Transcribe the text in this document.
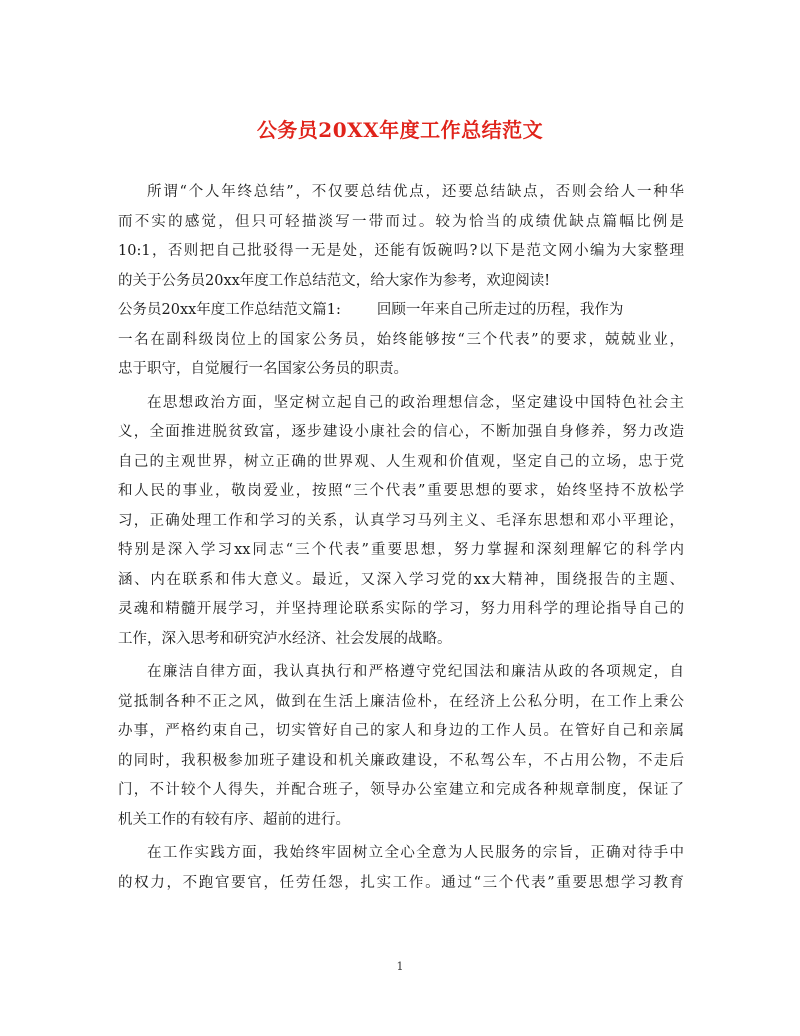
公务员20XX年度工作总结范文
所谓“个人年终总结”，不仅要总结优点，还要总结缺点，否则会给人一种华
而不实的感觉，但只可轻描淡写一带而过。较为恰当的成绩优缺点篇幅比例是
10:1，否则把自己批驳得一无是处，还能有饭碗吗?以下是范文网小编为大家整理
的关于公务员20xx年度工作总结范文，给大家作为参考，欢迎阅读!
公务员20xx年度工作总结范文篇1: 回顾一年来自己所走过的历程，我作为
一名在副科级岗位上的国家公务员，始终能够按“三个代表”的要求，兢兢业业，
忠于职守，自觉履行一名国家公务员的职责。
在思想政治方面，坚定树立起自己的政治理想信念，坚定建设中国特色社会主
义，全面推进脱贫致富，逐步建设小康社会的信心，不断加强自身修养，努力改造
自己的主观世界，树立正确的世界观、人生观和价值观，坚定自己的立场，忠于党
和人民的事业，敬岗爱业，按照“三个代表”重要思想的要求，始终坚持不放松学
习，正确处理工作和学习的关系，认真学习马列主义、毛泽东思想和邓小平理论，
特别是深入学习xx同志“三个代表”重要思想，努力掌握和深刻理解它的科学内
涵、内在联系和伟大意义。最近，又深入学习党的xx大精神，围绕报告的主题、
灵魂和精髓开展学习，并坚持理论联系实际的学习，努力用科学的理论指导自己的
工作，深入思考和研究泸水经济、社会发展的战略。
在廉洁自律方面，我认真执行和严格遵守党纪国法和廉洁从政的各项规定，自
觉抵制各种不正之风，做到在生活上廉洁俭朴，在经济上公私分明，在工作上秉公
办事，严格约束自己，切实管好自己的家人和身边的工作人员。在管好自己和亲属
的同时，我积极参加班子建设和机关廉政建设，不私驾公车，不占用公物，不走后
门，不计较个人得失，并配合班子，领导办公室建立和完成各种规章制度，保证了
机关工作的有较有序、超前的进行。
在工作实践方面，我始终牢固树立全心全意为人民服务的宗旨，正确对待手中
的权力，不跑官要官，任劳任怨，扎实工作。通过“三个代表”重要思想学习教育
1
